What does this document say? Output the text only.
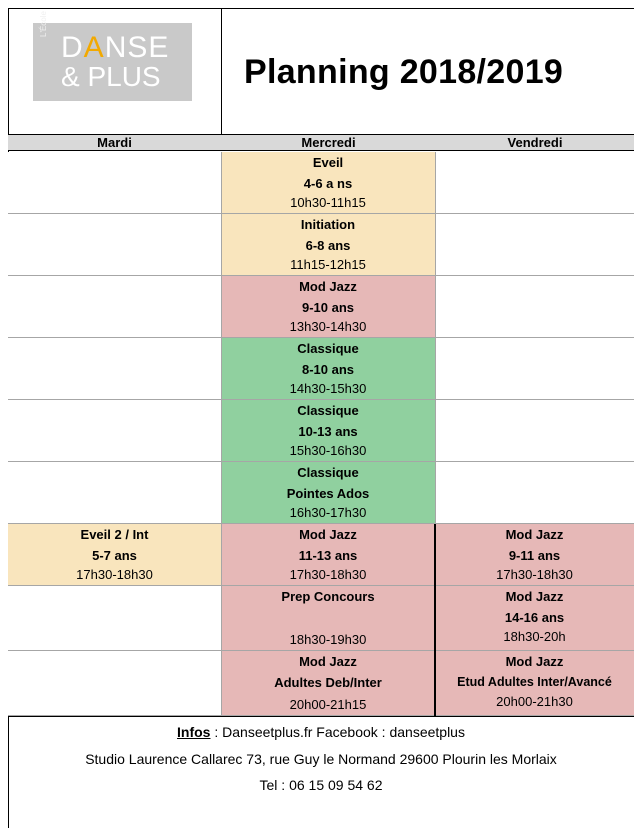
L'École
DANSE
& PLUS Planning 2018/2019
Mardi	Mercredi	Vendredi
Eveil 2 / Int
5-7 ans
17h30-18h30
Eveil
4-6 a ns
10h30-11h15
Initiation
6-8 ans
11h15-12h15
Mod Jazz
9-10 ans
13h30-14h30
Classique
8-10 ans
14h30-15h30
Classique
10-13 ans
15h30-16h30
Classique
Pointes Ados
16h30-17h30
Mod Jazz
11-13 ans
17h30-18h30
Prep Concours
18h30-19h30
Mod Jazz
Adultes Deb/Inter
20h00-21h15
Mod Jazz
9-11 ans
17h30-18h30
Mod Jazz
14-16 ans
18h30-20h
Mod Jazz
Etud Adultes Inter/Avancé
20h00-21h30
Infos : Danseetplus.fr Facebook : danseetplus
Studio Laurence Callarec 73, rue Guy le Normand 29600 Plourin les Morlaix
Tel : 06 15 09 54 62
